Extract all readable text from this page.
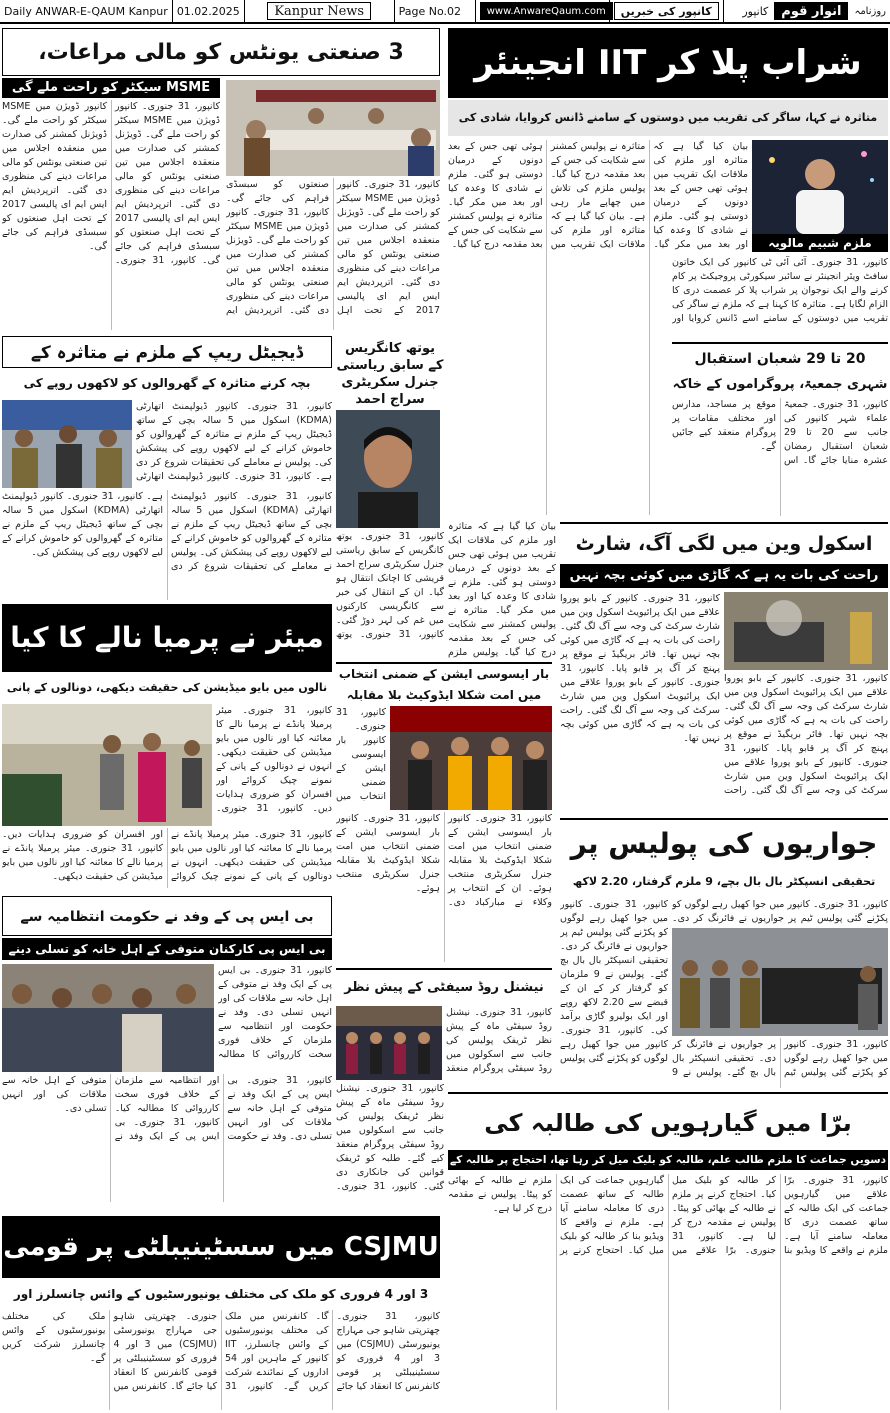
Daily ANWAR-E-QAUM Kanpur 01.02.2025	Kanpur News	Page No.02	www.AnwareQaum.com	کانپور کی خبریں	کانپور	انوار قوم	روزنامہ
شراب پلا کر IIT انجینئر
متاثرہ نے کہا، ساگر کی تقریب میں دوستوں کے سامنے ڈانس کروایا، شادی کی
ملزم شبیم مالویہ
کانپور، 31 جنوری۔ آئی آئی ٹی کانپور کی ایک خاتون سافٹ ویئر انجینئر نے سائبر سیکورٹی پروجیکٹ پر کام کرنے والے ایک نوجوان پر شراب پلا کر عصمت دری کا الزام لگایا ہے۔ متاثرہ کا کہنا ہے کہ ملزم نے ساگر کی تقریب میں دوستوں کے سامنے اسے ڈانس کروایا اور
بیان کیا گیا ہے کہ متاثرہ اور ملزم کی ملاقات ایک تقریب میں ہوئی تھی جس کے بعد دونوں کے درمیان دوستی ہو گئی۔ ملزم نے شادی کا وعدہ کیا اور بعد میں مکر گیا۔ متاثرہ نے پولیس کمشنر سے شکایت کی جس کے بعد مقدمہ درج کیا گیا۔ پولیس ملزم کی تلاش میں چھاپے مار رہی ہے۔ بیان کیا گیا ہے کہ متاثرہ اور ملزم کی ملاقات ایک تقریب میں ہوئی تھی جس کے بعد دونوں کے درمیان دوستی ہو گئی۔ ملزم نے شادی کا وعدہ کیا اور بعد میں مکر گیا۔ متاثرہ نے پولیس کمشنر سے شکایت کی جس کے بعد مقدمہ درج کیا گیا۔
3 صنعتی یونٹس کو مالی مراعات،
MSME سیکٹر کو راحت ملے گی
کانپور، 31 جنوری۔ کانپور ڈویژن میں MSME سیکٹر کو راحت ملے گی۔ ڈویژنل کمشنر کی صدارت میں منعقدہ اجلاس میں تین صنعتی یونٹس کو مالی مراعات دینے کی منظوری دی گئی۔ اترپردیش ایم ایس ایم ای پالیسی 2017 کے تحت اہل صنعتوں کو سبسڈی فراہم کی جائے گی۔ کانپور، 31 جنوری۔ کانپور ڈویژن میں MSME سیکٹر کو راحت ملے گی۔ ڈویژنل کمشنر کی صدارت میں منعقدہ اجلاس میں تین صنعتی یونٹس کو مالی مراعات دینے کی منظوری دی گئی۔ اترپردیش ایم
کانپور، 31 جنوری۔ کانپور ڈویژن میں MSME سیکٹر کو راحت ملے گی۔ ڈویژنل کمشنر کی صدارت میں منعقدہ اجلاس میں تین صنعتی یونٹس کو مالی مراعات دینے کی منظوری دی گئی۔ اترپردیش ایم ایس ایم ای پالیسی 2017 کے تحت اہل صنعتوں کو سبسڈی فراہم کی جائے گی۔ کانپور، 31 جنوری۔ کانپور ڈویژن میں MSME سیکٹر کو راحت ملے گی۔ ڈویژنل کمشنر کی صدارت میں منعقدہ اجلاس میں تین صنعتی یونٹس کو مالی مراعات دینے کی منظوری دی گئی۔ اترپردیش ایم ایس ایم ای پالیسی 2017 کے تحت اہل صنعتوں کو سبسڈی فراہم کی جائے گی۔
ڈیجیٹل ریپ کے ملزم نے متاثرہ کے
بچہ کرنے متاثرہ کے گھروالوں کو لاکھوں روپے کی
کانپور، 31 جنوری۔ کانپور ڈیولپمنٹ اتھارٹی (KDMA) اسکول میں 5 سالہ بچی کے ساتھ ڈیجیٹل ریپ کے ملزم نے متاثرہ کے گھروالوں کو خاموش کرانے کے لیے لاکھوں روپے کی پیشکش کی۔ پولیس نے معاملے کی تحقیقات شروع کر دی ہے۔ کانپور، 31 جنوری۔ کانپور ڈیولپمنٹ اتھارٹی (KDMA) اسکول میں 5 سالہ بچی کے ساتھ ڈیجیٹل ریپ کے ملزم نے متاثرہ کے گھروالوں کو خاموش کرانے کے لیے لاکھوں روپے کی پیشکش کی۔
کانپور، 31 جنوری۔ کانپور ڈیولپمنٹ اتھارٹی (KDMA) اسکول میں 5 سالہ بچی کے ساتھ ڈیجیٹل ریپ کے ملزم نے متاثرہ کے گھروالوں کو خاموش کرانے کے لیے لاکھوں روپے کی پیشکش کی۔ پولیس نے معاملے کی تحقیقات شروع کر دی ہے۔ کانپور، 31 جنوری۔ کانپور ڈیولپمنٹ اتھارٹی
یوتھ کانگریس کے سابق ریاستی جنرل سکریٹری سراج احمد
کانپور، 31 جنوری۔ یوتھ کانگریس کے سابق ریاستی جنرل سکریٹری سراج احمد قریشی کا اچانک انتقال ہو گیا۔ ان کے انتقال کی خبر سے کانگریسی کارکنوں میں غم کی لہر دوڑ گئی۔ کانپور، 31 جنوری۔ یوتھ
20 تا 29 شعبان استقبال
شہری جمعیۃ، پروگراموں کے خاکہ
کانپور، 31 جنوری۔ جمعیۃ علماء شہر کانپور کی جانب سے 20 تا 29 شعبان استقبال رمضان عشرہ منایا جائے گا۔ اس موقع پر مساجد، مدارس اور مختلف مقامات پر پروگرام منعقد کیے جائیں گے۔
اسکول وین میں لگی آگ، شارٹ
راحت کی بات یہ ہے کہ گاڑی میں کوئی بچہ نہیں
کانپور، 31 جنوری۔ کانپور کے بابو پوروا علاقے میں ایک پرائیویٹ اسکول وین میں شارٹ سرکٹ کی وجہ سے آگ لگ گئی۔ راحت کی بات یہ ہے کہ گاڑی میں کوئی بچہ نہیں تھا۔ فائر بریگیڈ نے موقع پر پہنچ کر آگ پر قابو پایا۔ کانپور، 31 جنوری۔ کانپور کے بابو پوروا علاقے میں ایک پرائیویٹ اسکول وین میں شارٹ سرکٹ کی وجہ سے آگ لگ گئی۔ راحت
کانپور، 31 جنوری۔ کانپور کے بابو پوروا علاقے میں ایک پرائیویٹ اسکول وین میں شارٹ سرکٹ کی وجہ سے آگ لگ گئی۔ راحت کی بات یہ ہے کہ گاڑی میں کوئی بچہ نہیں تھا۔ فائر بریگیڈ نے موقع پر پہنچ کر آگ پر قابو پایا۔ کانپور، 31 جنوری۔ کانپور کے بابو پوروا علاقے میں ایک پرائیویٹ اسکول وین میں شارٹ سرکٹ کی وجہ سے آگ لگ گئی۔ راحت کی بات یہ ہے کہ گاڑی میں کوئی بچہ نہیں تھا۔
بیان کیا گیا ہے کہ متاثرہ اور ملزم کی ملاقات ایک تقریب میں ہوئی تھی جس کے بعد دونوں کے درمیان دوستی ہو گئی۔ ملزم نے شادی کا وعدہ کیا اور بعد میں مکر گیا۔ متاثرہ نے پولیس کمشنر سے شکایت کی جس کے بعد مقدمہ درج کیا گیا۔ پولیس ملزم
میئر نے پرمیا نالے کا کیا
نالوں میں بایو میڈیشن کی حقیقت دیکھی، دونالوں کے پانی
کانپور، 31 جنوری۔ میئر پرمیلا پانڈے نے پرمیا نالے کا معائنہ کیا اور نالوں میں بایو میڈیشن کی حقیقت دیکھی۔ انہوں نے دونالوں کے پانی کے نمونے چیک کروائے اور افسران کو ضروری ہدایات دیں۔ کانپور، 31 جنوری۔
کانپور، 31 جنوری۔ میئر پرمیلا پانڈے نے پرمیا نالے کا معائنہ کیا اور نالوں میں بایو میڈیشن کی حقیقت دیکھی۔ انہوں نے دونالوں کے پانی کے نمونے چیک کروائے اور افسران کو ضروری ہدایات دیں۔ کانپور، 31 جنوری۔ میئر پرمیلا پانڈے نے پرمیا نالے کا معائنہ کیا اور نالوں میں بایو میڈیشن کی حقیقت دیکھی۔
بار ایسوسی ایشن کے ضمنی انتخاب میں امت شکلا ایڈوکیٹ بلا مقابلہ
کانپور، 31 جنوری۔ کانپور بار ایسوسی ایشن کے ضمنی انتخاب میں
کانپور، 31 جنوری۔ کانپور بار ایسوسی ایشن کے ضمنی انتخاب میں امت شکلا ایڈوکیٹ بلا مقابلہ جنرل سکریٹری منتخب ہوئے۔ ان کے انتخاب پر وکلاء نے مبارکباد دی۔ کانپور، 31 جنوری۔ کانپور بار ایسوسی ایشن کے ضمنی انتخاب میں امت شکلا ایڈوکیٹ بلا مقابلہ جنرل سکریٹری منتخب ہوئے۔
جواریوں کی پولیس پر
تحقیقی انسپکٹر بال بال بچے، 9 ملزم گرفتار، 2.20 لاکھ
کانپور، 31 جنوری۔ کانپور میں جوا کھیل رہے لوگوں کو پکڑنے گئی پولیس ٹیم پر جواریوں نے فائرنگ کر دی۔
کانپور، 31 جنوری۔ کانپور میں جوا کھیل رہے لوگوں کو پکڑنے گئی پولیس ٹیم پر جواریوں نے فائرنگ کر دی۔ تحقیقی انسپکٹر بال بال بچ گئے۔ پولیس نے 9 ملزمان کو گرفتار کر کے ان کے قبضے سے 2.20 لاکھ روپے اور ایک بولیرو گاڑی برآمد کی۔ کانپور، 31 جنوری۔ کانپور میں جوا کھیل رہے لوگوں کو پکڑنے گئی پولیس
کانپور، 31 جنوری۔ کانپور میں جوا کھیل رہے لوگوں کو پکڑنے گئی پولیس ٹیم پر جواریوں نے فائرنگ کر دی۔ تحقیقی انسپکٹر بال بال بچ گئے۔ پولیس نے 9
بی ایس پی کے وفد نے حکومت انتظامیہ سے
بی ایس پی کارکنان متوفی کے اہل خانہ کو تسلی دینے
کانپور، 31 جنوری۔ بی ایس پی کے ایک وفد نے متوفی کے اہل خانہ سے ملاقات کی اور انہیں تسلی دی۔ وفد نے حکومت اور انتظامیہ سے ملزمان کے خلاف فوری سخت کارروائی کا مطالبہ
کانپور، 31 جنوری۔ بی ایس پی کے ایک وفد نے متوفی کے اہل خانہ سے ملاقات کی اور انہیں تسلی دی۔ وفد نے حکومت اور انتظامیہ سے ملزمان کے خلاف فوری سخت کارروائی کا مطالبہ کیا۔ کانپور، 31 جنوری۔ بی ایس پی کے ایک وفد نے متوفی کے اہل خانہ سے ملاقات کی اور انہیں تسلی دی۔
نیشنل روڈ سیفٹی کے پیش نظر
کانپور، 31 جنوری۔ نیشنل روڈ سیفٹی ماہ کے پیش نظر ٹریفک پولیس کی جانب سے اسکولوں میں روڈ سیفٹی پروگرام منعقد
کانپور، 31 جنوری۔ نیشنل روڈ سیفٹی ماہ کے پیش نظر ٹریفک پولیس کی جانب سے اسکولوں میں روڈ سیفٹی پروگرام منعقد کیے گئے۔ طلبہ کو ٹریفک قوانین کی جانکاری دی گئی۔ کانپور، 31 جنوری۔
برّا میں گیارہویں کی طالبہ کی
دسویں جماعت کا ملزم طالب علم، طالبہ کو بلیک میل کر رہا تھا، احتجاج پر طالبہ کے
کانپور، 31 جنوری۔ برّا علاقے میں گیارہویں جماعت کی ایک طالبہ کے ساتھ عصمت دری کا معاملہ سامنے آیا ہے۔ ملزم نے واقعے کا ویڈیو بنا کر طالبہ کو بلیک میل کیا۔ احتجاج کرنے پر ملزم نے طالبہ کے بھائی کو پیٹا۔ پولیس نے مقدمہ درج کر لیا ہے۔ کانپور، 31 جنوری۔ برّا علاقے میں گیارہویں جماعت کی ایک طالبہ کے ساتھ عصمت دری کا معاملہ سامنے آیا ہے۔ ملزم نے واقعے کا ویڈیو بنا کر طالبہ کو بلیک میل کیا۔ احتجاج کرنے پر ملزم نے طالبہ کے بھائی کو پیٹا۔ پولیس نے مقدمہ درج کر لیا ہے۔
CSJMU میں سسٹینیبلٹی پر قومی
3 اور 4 فروری کو ملک کی مختلف یونیورسٹیوں کے وائس چانسلرز اور
کانپور، 31 جنوری۔ چھترپتی شاہو جی مہاراج یونیورسٹی (CSJMU) میں 3 اور 4 فروری کو سسٹینیبلٹی پر قومی کانفرنس کا انعقاد کیا جائے گا۔ کانفرنس میں ملک کی مختلف یونیورسٹیوں کے وائس چانسلرز، IIT کانپور کے ماہرین اور 54 اداروں کے نمائندے شرکت کریں گے۔ کانپور، 31 جنوری۔ چھترپتی شاہو جی مہاراج یونیورسٹی (CSJMU) میں 3 اور 4 فروری کو سسٹینیبلٹی پر قومی کانفرنس کا انعقاد کیا جائے گا۔ کانفرنس میں ملک کی مختلف یونیورسٹیوں کے وائس چانسلرز شرکت کریں گے۔
